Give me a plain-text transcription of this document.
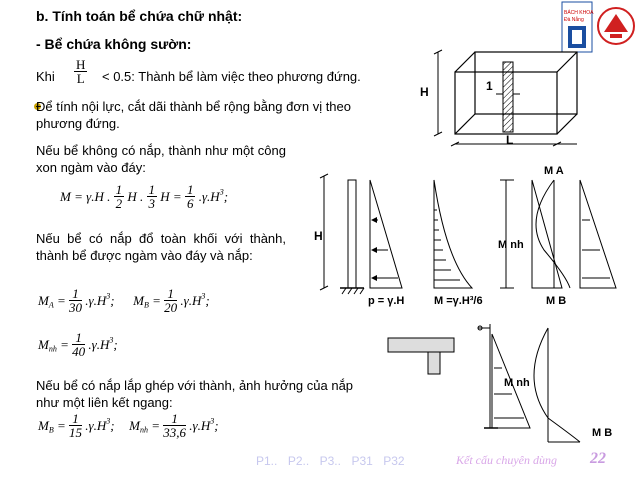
b. Tính toán bể chứa chữ nhật:
- Bể chứa không sườn:
Khi $\frac{H}{L} < 0.5$: Thành bể làm việc theo phương đứng.
Để tính nội lực, cắt dãi thành bể rộng bằng đơn vị theo phương đứng.
Nếu bể không có nắp, thành như một công xon ngàm vào đáy:
M = γ.H . $\frac{1}{2}$ H . $\frac{1}{3}$ $H = \frac{1}{6} .\gamma.H^3$;
Nếu bể có nắp đổ toàn khối với thành, thành bể được ngàm vào đáy và nắp:
$M_A = \frac{1}{30} .\gamma.H^3$; $M_B = \frac{1}{20} .\gamma.H^3$;
$M_{nh} = \frac{1}{40} .\gamma.H^3$;
Nếu bể có nắp lắp ghép với thành, ảnh hưởng của nắp như một liên kết ngang:
$M_B = \frac{1}{15} .\gamma.H^3$; $M_{nh} = \frac{1}{33,6} .\gamma.H^3$;
BÁCH KHOA
Đà Nẵng
H	1
L
H
p = γ.H	M =γ.H³/6
M A
M nh
M B
M nh
M B
P1.. P2.. P3.. P31 P32	Kết cấu chuyên dùng 22
